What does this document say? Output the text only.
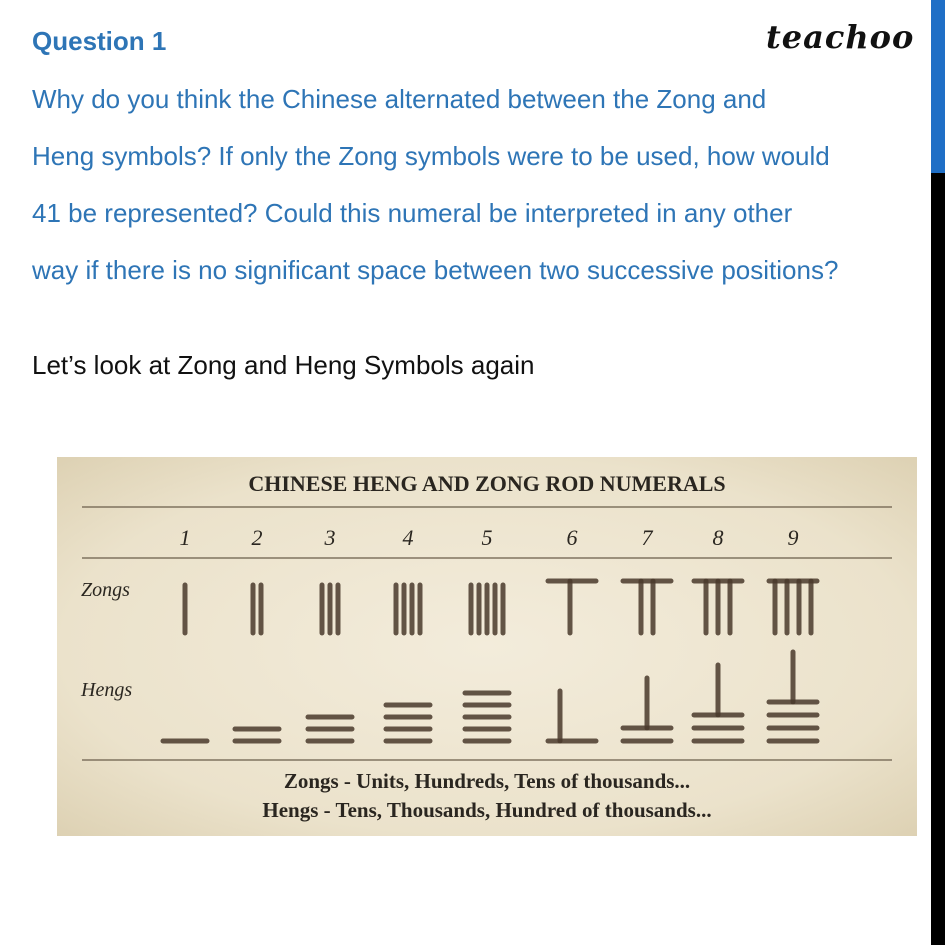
Question 1	teachoo
Why do you think the Chinese alternated between the Zong and
Heng symbols? If only the Zong symbols were to be used, how would
41 be represented? Could this numeral be interpreted in any other
way if there is no significant space between two successive positions?
Let’s look at Zong and Heng Symbols again
CHINESE HENG AND ZONG ROD NUMERALS
1	2	3	4	5	6	7	8	9
Zongs
Hengs
Zongs - Units, Hundreds, Tens of thousands...
Hengs - Tens, Thousands, Hundred of thousands...
